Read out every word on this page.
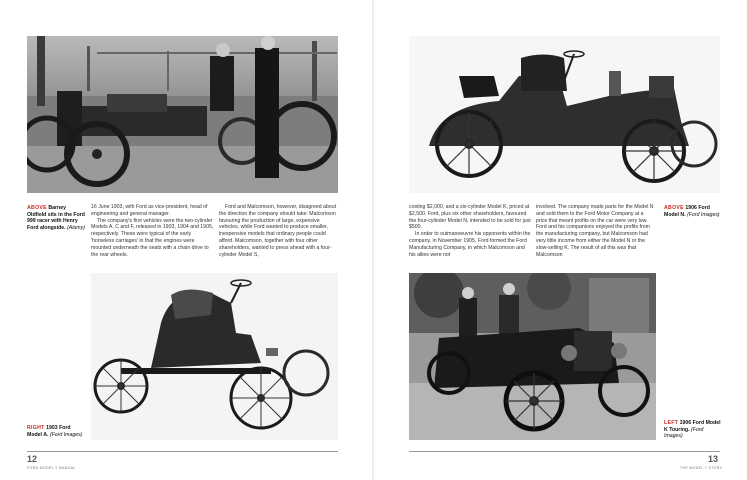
ABOVE Barney Oldfield sits in the Ford 999 racer with Henry Ford alongside. (Alamy)

16 June 1903, with Ford as vice-president, head of engineering and general manager.

The company's first vehicles were the two-cylinder Models A, C and F, released in 1903, 1904 and 1905, respectively. These were typical of the early 'horseless carriages' in that the engines were mounted underneath the seats with a chain drive to the rear wheels.

Ford and Malcomson, however, disagreed about the direction the company should take: Malcomson favouring the production of large, expensive vehicles, while Ford wanted to produce smaller, inexpensive models that ordinary people could afford. Malcomson, together with four other shareholders, wanted to press ahead with a four-cylinder Model S,

RIGHT 1903 Ford Model A. (Ford Images)
12
FORD MODEL T MANUAL

costing $2,000, and a six-cylinder Model K, priced at $2,500. Ford, plus six other shareholders, favoured the four-cylinder Model N, intended to be sold for just $500.

In order to outmanoeuvre his opponents within the company, in November 1905, Ford formed the Ford Manufacturing Company, in which Malcomson and his allies were not

involved. The company made parts for the Model N and sold them to the Ford Motor Company at a price that meant profits on the car were very low. Ford and his companions enjoyed the profits from the manufacturing company, but Malcomson had very little income from either the Model N or the slow-selling K. The result of all this was that Malcomson

ABOVE 1906 Ford Model N. (Ford Images)
LEFT 1906 Ford Model K Touring. (Ford Images)
13
THE MODEL T STORY
